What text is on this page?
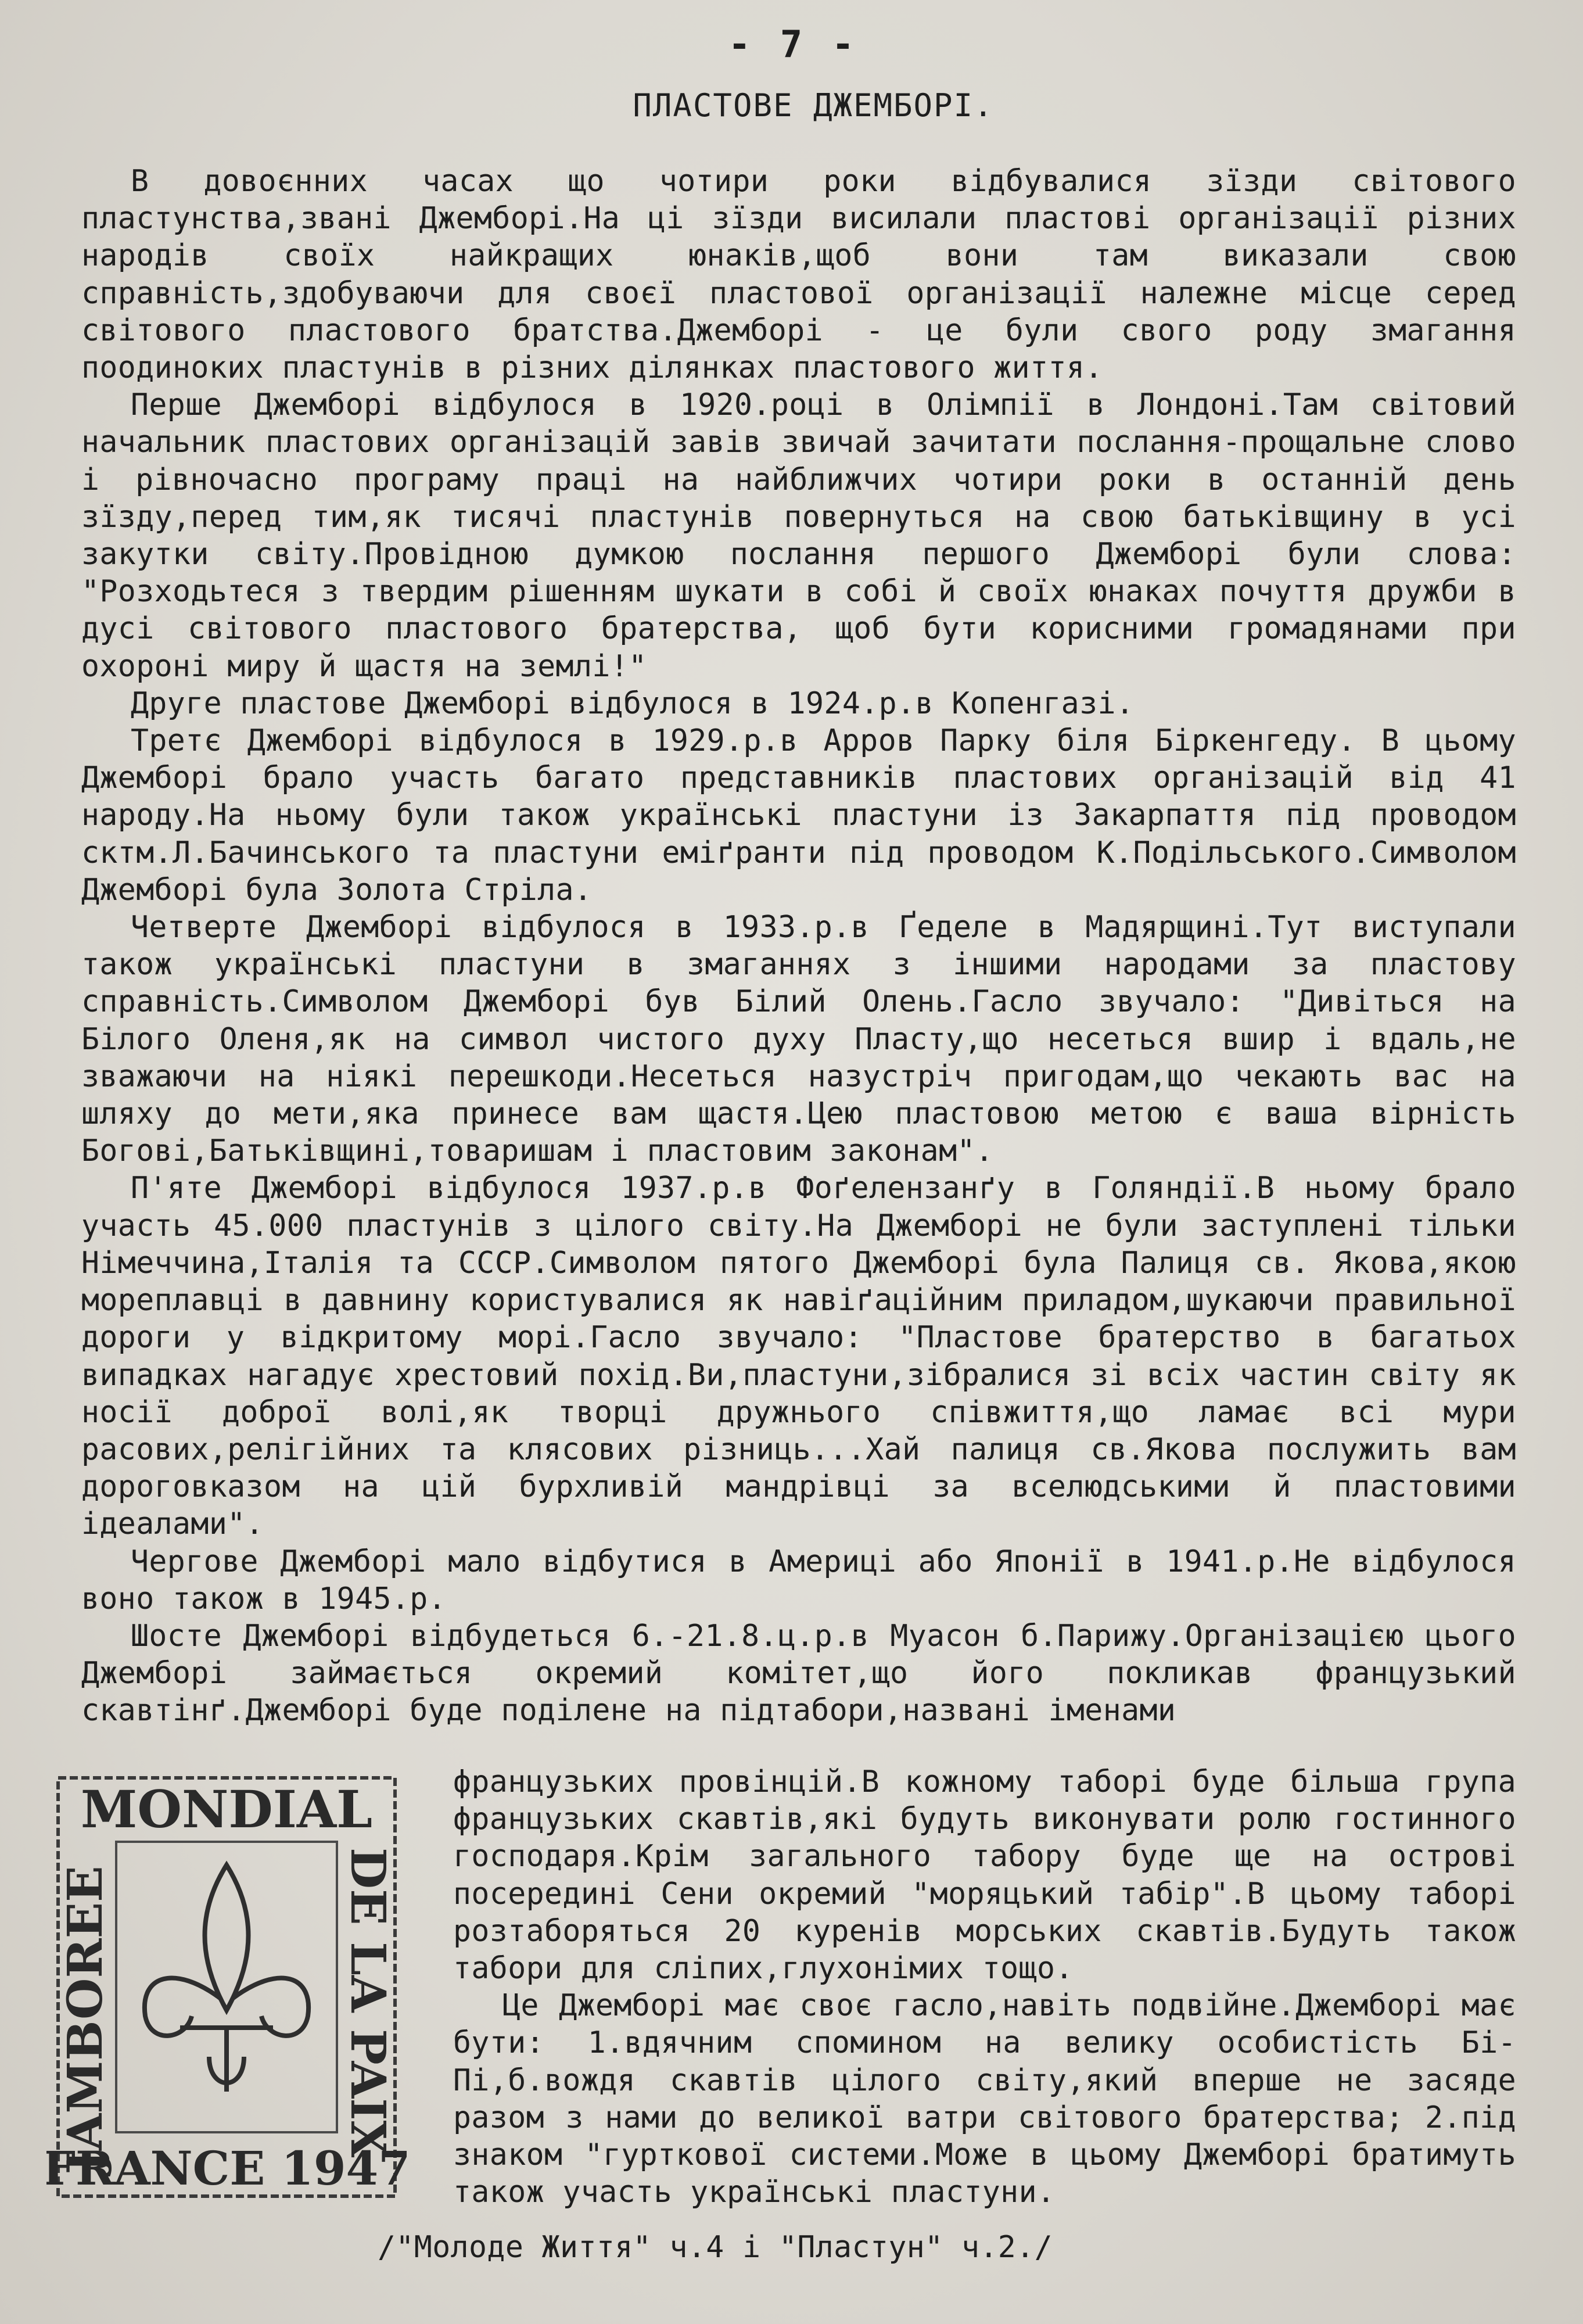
- 7 -
ПЛАСТОВЕ ДЖЕМБОРІ.

В довоєнних часах що чотири роки відбувалися зїзди світового пластунства,звані Джемборі.На ці зїзди висилали пластові організації різних народів своїх найкращих юнаків,щоб вони там виказали свою справність,здобуваючи для своєї пластової організації належне місце серед світового пластового братства.Джемборі - це були свого роду змагання поодиноких пластунів в різних ділянках пластового життя.

Перше Джемборі відбулося в 1920.році в Олімпії в Лондоні.Там світовий начальник пластових організацій завів звичай зачитати послання-прощальне слово і рівночасно програму праці на найближчих чотири роки в останній день зїзду,перед тим,як тисячі пластунів повернуться на свою батьківщину в усі закутки світу.Провідною думкою послання першого Джемборі були слова: "Розходьтеся з твердим рішенням шукати в собі й своїх юнаках почуття дружби в дусі світового пластового братерства, щоб бути корисними громадянами при охороні миру й щастя на землі!"

Друге пластове Джемборі відбулося в 1924.р.в Копенгазі.

Третє Джемборі відбулося в 1929.р.в Арров Парку біля Біркенгеду. В цьому Джемборі брало участь багато представників пластових організацій від 41 народу.На ньому були також українські пластуни із Закарпаття під проводом сктм.Л.Бачинського та пластуни еміґранти під проводом К.Подільського.Символом Джемборі була Золота Стріла.

Четверте Джемборі відбулося в 1933.р.в Ґеделе в Мадярщині.Тут виступали також українські пластуни в змаганнях з іншими народами за пластову справність.Символом Джемборі був Білий Олень.Гасло звучало: "Дивіться на Білого Оленя,як на символ чистого духу Пласту,що несеться вшир і вдаль,не зважаючи на ніякі перешкоди.Несеться назустріч пригодам,що чекають вас на шляху до мети,яка принесе вам щастя.Цею пластовою метою є ваша вірність Богові,Батьківщині,товаришам і пластовим законам".

П'яте Джемборі відбулося 1937.р.в Фоґелензанґу в Голяндії.В ньому брало участь 45.000 пластунів з цілого світу.На Джемборі не були заступлені тільки Німеччина,Італія та СССР.Символом пятого Джемборі була Палиця св. Якова,якою мореплавці в давнину користувалися як навіґаційним приладом,шукаючи правильної дороги у відкритому морі.Гасло звучало: "Пластове братерство в багатьох випадках нагадує хрестовий похід.Ви,пластуни,зібралися зі всіх частин світу як носії доброї волі,як творці дружнього співжиття,що ламає всі мури расових,релігійних та клясових різниць...Хай палиця св.Якова послужить вам дороговказом на цій бурхливій мандрівці за вселюдськими й пластовими ідеалами".

Чергове Джемборі мало відбутися в Америці або Японії в 1941.р.Не відбулося воно також в 1945.р.

Шосте Джемборі відбудеться 6.-21.8.ц.р.в Муасон б.Парижу.Організацією цього Джемборі займається окремий комітет,що його покликав французький скавтінґ.Джемборі буде поділене на підтабори,названі іменами

французьких провінцій.В кожному таборі буде більша група французьких скавтів,які будуть виконувати ролю гостинного господаря.Крім загального табору буде ще на острові посередині Сени окремий "моряцький табір".В цьому таборі розтаборяться 20 куренів морських скавтів.Будуть також табори для сліпих,глухонімих тощо.

Це Джемборі має своє гасло,навіть подвійне.Джемборі має бути: 1.вдячним спомином на велику особистість Бі-Пі,б.вождя скавтів цілого світу,який вперше не засяде разом з нами до великої ватри світового братерства; 2.під знаком "гурткової системи.Може в цьому Джемборі братимуть також участь українські пластуни.

MONDIAL
JAMBOREE	DE LA PAIX
FRANCE 1947
/"Молоде Життя" ч.4 і "Пластун" ч.2./
